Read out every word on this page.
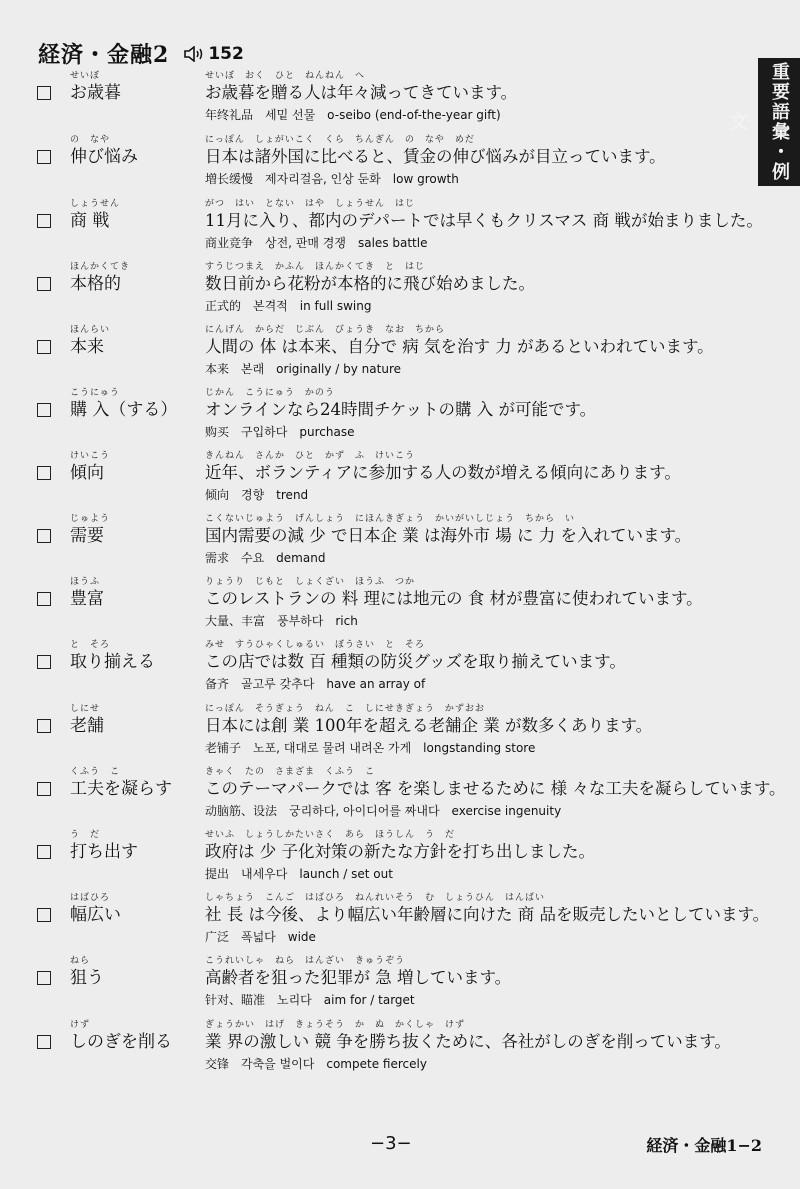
経済・金融2 152
重要語彙・例文
せいぼ
お歳暮
せいぼ　おく　ひと　ねんねん　へ
お歳暮を贈る人は年々減ってきています。
年终礼品　세밑 선물　o-seibo (end-of-the-year gift)
の　なや
伸び悩み
にっぽん　しょがいこく　くら　ちんぎん　の　なや　めだ
日本は諸外国に比べると、賃金の伸び悩みが目立っています。
増长缓慢　제자리걸음, 인상 둔화　low growth
しょうせん
商 戦
がつ　はい　とない　はや　しょうせん　はじ
11月に入り、都内のデパートでは早くもクリスマス 商 戦が始まりました。
商业竞争　상전, 판매 경쟁　sales battle
ほんかくてき
本格的
すうじつまえ　かふん　ほんかくてき　と　はじ
数日前から花粉が本格的に飛び始めました。
正式的　본격적　in full swing
ほんらい
本来
にんげん　からだ　じぶん　びょうき　なお　ちから
人間の 体 は本来、自分で 病 気を治す 力 があるといわれています。
本来　본래　originally / by nature
こうにゅう
購 入（する）
じかん　こうにゅう　かのう
オンラインなら24時間チケットの購 入 が可能です。
购买　구입하다　purchase
けいこう
傾向
きんねん　さんか　ひと　かず　ふ　けいこう
近年、ボランティアに参加する人の数が増える傾向にあります。
倾向　경향　trend
じゅよう
需要
こくないじゅよう　げんしょう　にほんきぎょう　かいがいしじょう　ちから　い
国内需要の減 少 で日本企 業 は海外市 場 に 力 を入れています。
需求　수요　demand
ほうふ
豊富
りょうり　じもと　しょくざい　ほうふ　つか
このレストランの 料 理には地元の 食 材が豊富に使われています。
大量、丰富　풍부하다　rich
と　そろ
取り揃える
みせ　すうひゃくしゅるい　ぼうさい　と　そろ
この店では数 百 種類の防災グッズを取り揃えています。
备齐　골고루 갖추다　have an array of
しにせ
老舗
にっぽん　そうぎょう　ねん　こ　しにせきぎょう　かずおお
日本には創 業 100年を超える老舗企 業 が数多くあります。
老铺子　노포, 대대로 물려 내려온 가게　longstanding store
くふう　こ
工夫を凝らす
きゃく　たの　さまざま　くふう　こ
このテーマパークでは 客 を楽しませるために 様 々な工夫を凝らしています。
动脑筋、设法　궁리하다, 아이디어를 짜내다　exercise ingenuity
う　だ
打ち出す
せいふ　しょうしかたいさく　あら　ほうしん　う　だ
政府は 少 子化対策の新たな方針を打ち出しました。
提出　내세우다　launch / set out
はばひろ
幅広い
しゃちょう　こんご　はばひろ　ねんれいそう　む　しょうひん　はんばい
社 長 は今後、より幅広い年齢層に向けた 商 品を販売したいとしています。
广泛　폭넓다　wide
ねら
狙う
こうれいしゃ　ねら　はんざい　きゅうぞう
高齢者を狙った犯罪が 急 増しています。
针对、瞄准　노리다　aim for / target
けず
しのぎを削る
ぎょうかい　はげ　きょうそう　か　ぬ　かくしゃ　けず
業 界の激しい 競 争を勝ち抜くために、各社がしのぎを削っています。
交锋　각축을 벌이다　compete fiercely
−3−	経済・金融1−2
